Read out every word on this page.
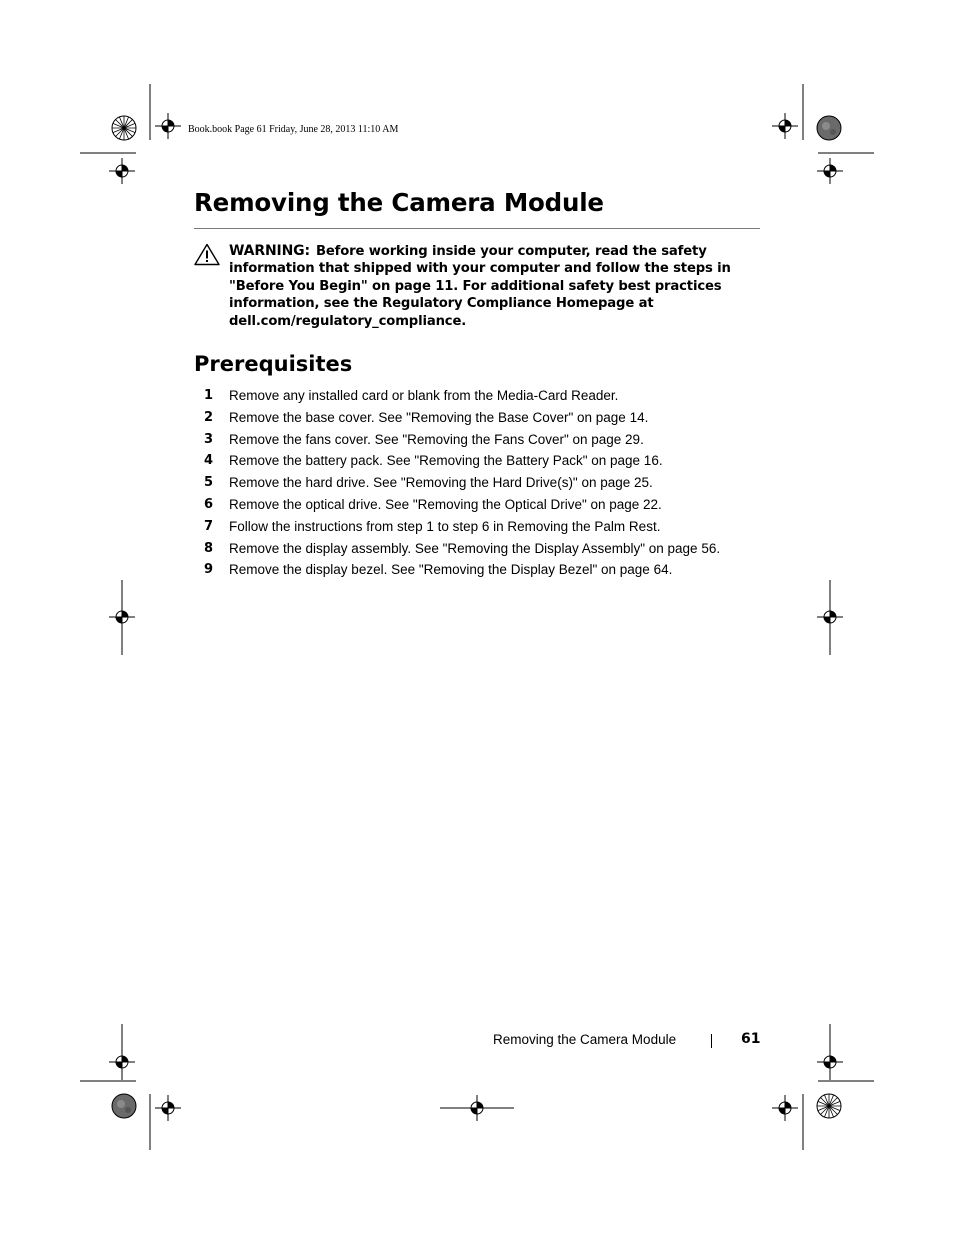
Book.book Page 61 Friday, June 28, 2013 11:10 AM
Removing the Camera Module
WARNING: Before working inside your computer, read the safety
information that shipped with your computer and follow the steps in
"Before You Begin" on page 11. For additional safety best practices
information, see the Regulatory Compliance Homepage at
dell.com/regulatory_compliance.
Prerequisites
1 Remove any installed card or blank from the Media-Card Reader.
2 Remove the base cover. See "Removing the Base Cover" on page 14.
3 Remove the fans cover. See "Removing the Fans Cover" on page 29.
4 Remove the battery pack. See "Removing the Battery Pack" on page 16.
5 Remove the hard drive. See "Removing the Hard Drive(s)" on page 25.
6 Remove the optical drive. See "Removing the Optical Drive" on page 22.
7 Follow the instructions from step 1 to step 6 in Removing the Palm Rest.
8 Remove the display assembly. See "Removing the Display Assembly" on page 56.
9 Remove the display bezel. See "Removing the Display Bezel" on page 64.
Removing the Camera Module	61
